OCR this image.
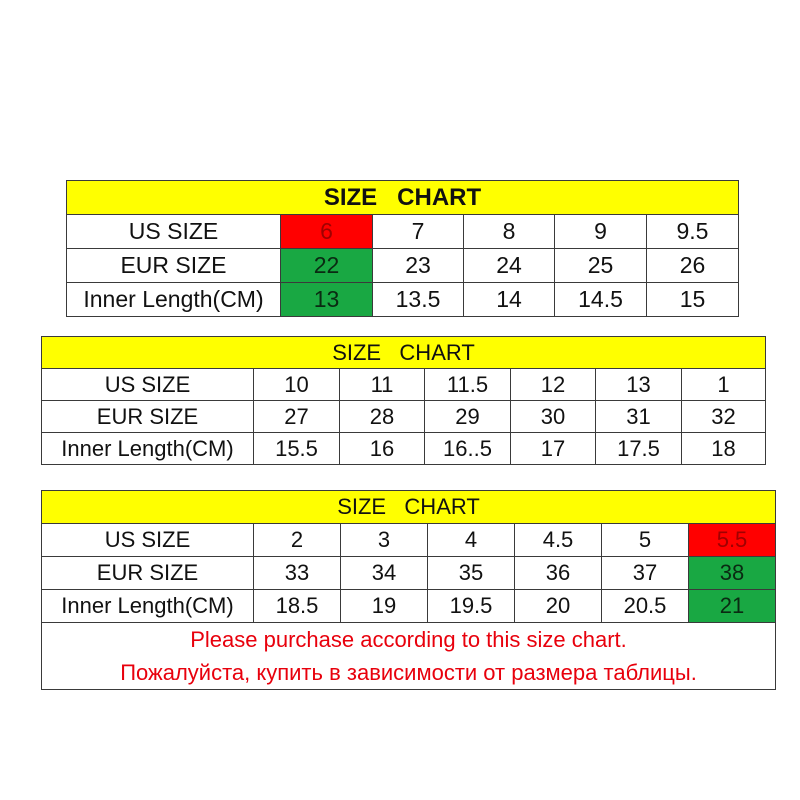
SIZE   CHART					
US SIZE	6	7	8	9	9.5
EUR SIZE	22	23	24	25	26
Inner Length(CM)	13	13.5	14	14.5	15
SIZE   CHART						
US SIZE	10	11	11.5	12	13	1
EUR SIZE	27	28	29	30	31	32
Inner Length(CM)	15.5	16	16..5	17	17.5	18
SIZE   CHART						
US SIZE	2	3	4	4.5	5	5.5
EUR SIZE	33	34	35	36	37	38
Inner Length(CM)	18.5	19	19.5	20	20.5	21

Please purchase according to this size chart.
Пожалуйста, купить в зависимости от размера таблицы.						
